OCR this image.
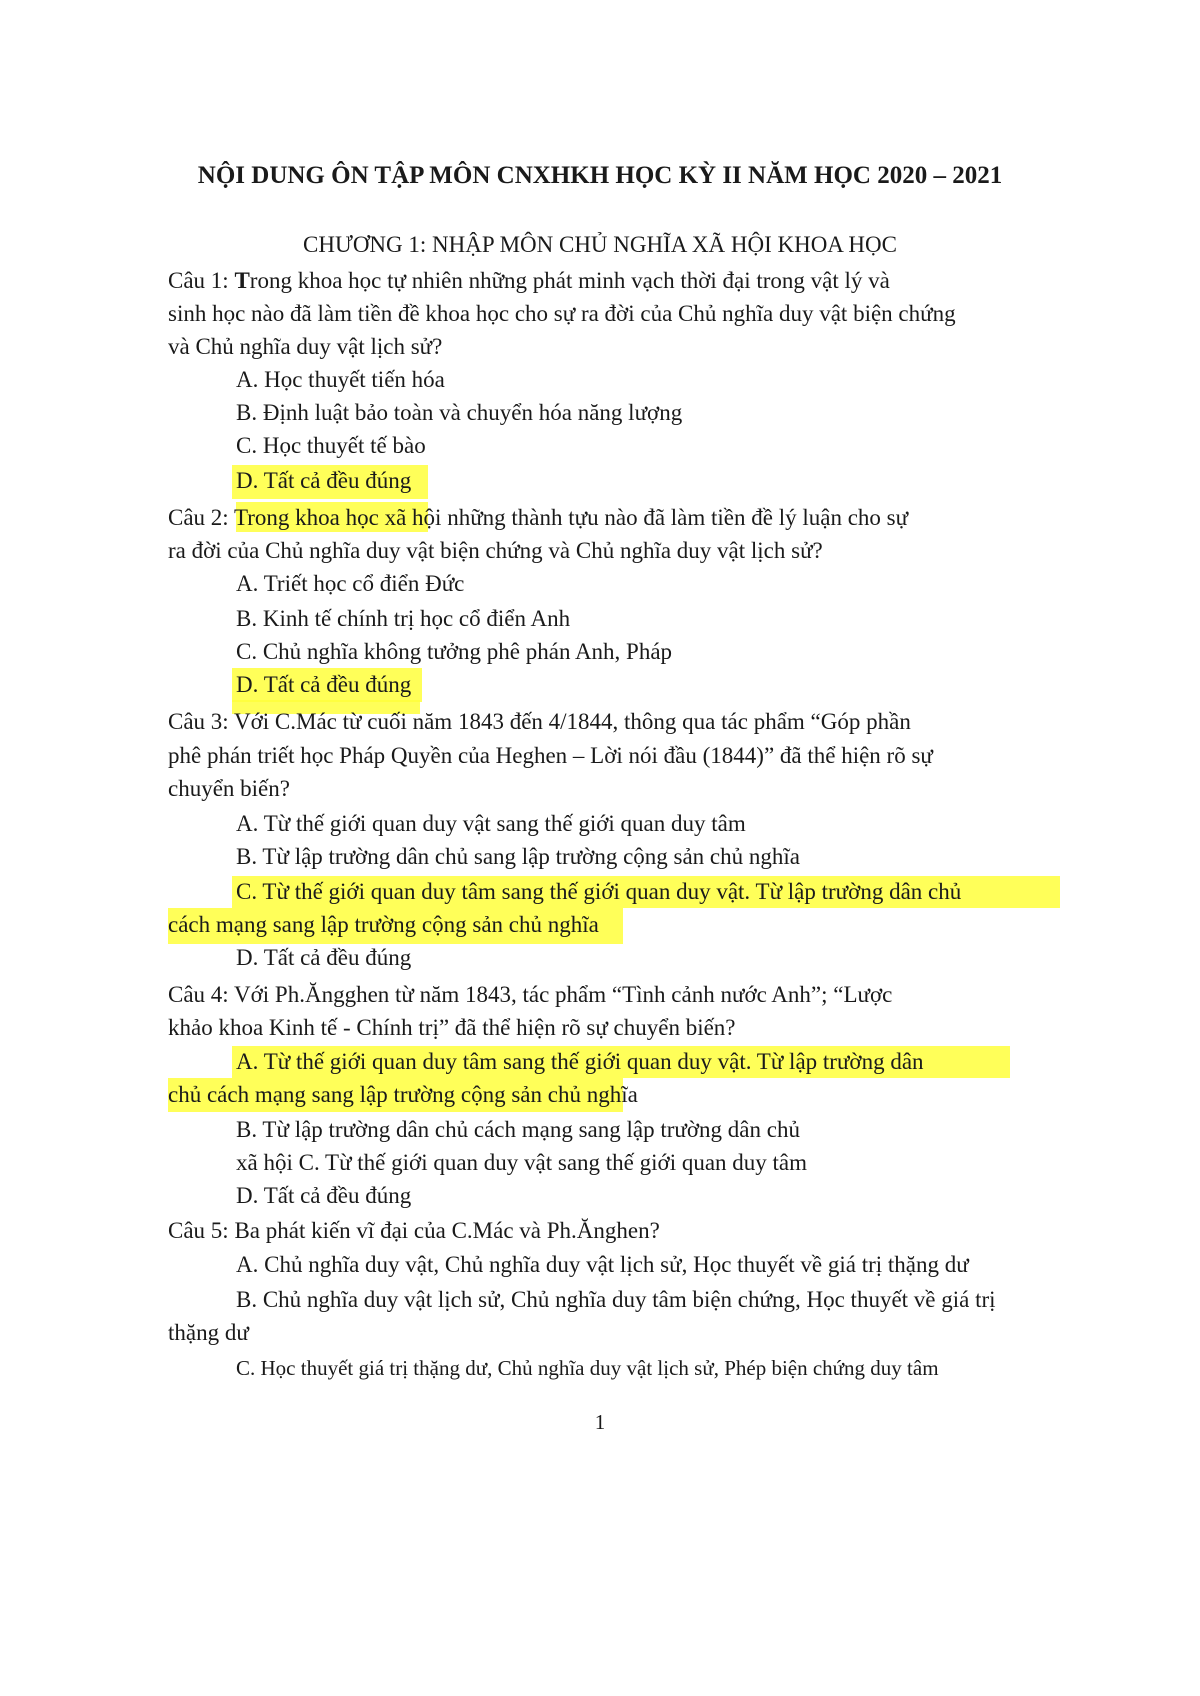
NỘI DUNG ÔN TẬP MÔN CNXHKH HỌC KỲ II NĂM HỌC 2020 – 2021
CHƯƠNG 1: NHẬP MÔN CHỦ NGHĨA XÃ HỘI KHOA HỌC
Câu 1: Trong khoa học tự nhiên những phát minh vạch thời đại trong vật lý và
sinh học nào đã làm tiền đề khoa học cho sự ra đời của Chủ nghĩa duy vật biện chứng
và Chủ nghĩa duy vật lịch sử?
A. Học thuyết tiến hóa
B. Định luật bảo toàn và chuyển hóa năng lượng
C. Học thuyết tế bào
D. Tất cả đều đúng
Câu 2: Trong khoa học xã hội những thành tựu nào đã làm tiền đề lý luận cho sự
ra đời của Chủ nghĩa duy vật biện chứng và Chủ nghĩa duy vật lịch sử?
A. Triết học cổ điển Đức
B. Kinh tế chính trị học cổ điển Anh
C. Chủ nghĩa không tưởng phê phán Anh, Pháp
D. Tất cả đều đúng
Câu 3: Với C.Mác từ cuối năm 1843 đến 4/1844, thông qua tác phẩm “Góp phần
phê phán triết học Pháp Quyền của Heghen – Lời nói đầu (1844)” đã thể hiện rõ sự
chuyển biến?
A. Từ thế giới quan duy vật sang thế giới quan duy tâm
B. Từ lập trường dân chủ sang lập trường cộng sản chủ nghĩa
C. Từ thế giới quan duy tâm sang thế giới quan duy vật. Từ lập trường dân chủ
cách mạng sang lập trường cộng sản chủ nghĩa
D. Tất cả đều đúng
Câu 4: Với Ph.Ăngghen từ năm 1843, tác phẩm “Tình cảnh nước Anh”; “Lược
khảo khoa Kinh tế - Chính trị” đã thể hiện rõ sự chuyển biến?
A. Từ thế giới quan duy tâm sang thế giới quan duy vật. Từ lập trường dân
chủ cách mạng sang lập trường cộng sản chủ nghĩa
B. Từ lập trường dân chủ cách mạng sang lập trường dân chủ
xã hội C. Từ thế giới quan duy vật sang thế giới quan duy tâm
D. Tất cả đều đúng
Câu 5: Ba phát kiến vĩ đại của C.Mác và Ph.Ănghen?
A. Chủ nghĩa duy vật, Chủ nghĩa duy vật lịch sử, Học thuyết về giá trị thặng dư
B. Chủ nghĩa duy vật lịch sử, Chủ nghĩa duy tâm biện chứng, Học thuyết về giá trị
thặng dư
C. Học thuyết giá trị thặng dư, Chủ nghĩa duy vật lịch sử, Phép biện chứng duy tâm
1
